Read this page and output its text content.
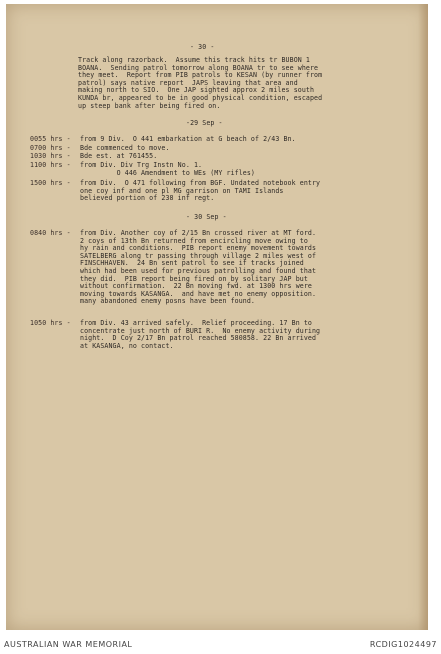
- 30 -
Track along razorback.  Assume this track hits tr BUBON 1
BOANA.  Sending patrol tomorrow along BOANA tr to see where
they meet.  Report from PIB patrols to KESAN (by runner from
patrol) says native report  JAPS leaving that area and
making north to SIO.  One JAP sighted approx 2 miles south
KUNDA br, appeared to be in good physical condition, escaped
up steep bank after being fired on.
-29 Sep -
0055 hrs -	from 9 Div.  O 441 embarkation at G beach of 2/43 Bn.
0700 hrs -	Bde commenced to move.
1030 hrs -	Bde est. at 761455.
1100 hrs -	from Div. Div Trg Instn No. 1.
O 446 Amendment to WEs (MY rifles)
1500 hrs -	from Div.  O 471 following from BGF. Undated notebook entry
one coy inf and one pl MG garrison on TAMI Islands
believed portion of 238 inf regt.
- 30 Sep -
0840 hrs -	from Div. Another coy of 2/15 Bn crossed river at MT ford.
2 coys of 13th Bn returned from encircling move owing to
hy rain and conditions.  PIB report enemy movement towards
SATELBERG along tr passing through village 2 miles west of
FINSCHHAVEN.  24 Bn sent patrol to see if tracks joined
which had been used for previous patrolling and found that
they did.  PIB report being fired on by solitary JAP but
without confirmation.  22 Bn moving fwd. at 1300 hrs were
moving towards KASANGA.  and have met no enemy opposition.
many abandoned enemy posns have been found.
1050 hrs -	from Div. 43 arrived safely.  Relief proceeding. 17 Bn to
concentrate just north of BURI R.  No enemy activity during
night.  D Coy 2/17 Bn patrol reached 580858. 22 Bn arrived
at KASANGA, no contact.
AUSTRALIAN WAR MEMORIAL	RCDIG1024497
